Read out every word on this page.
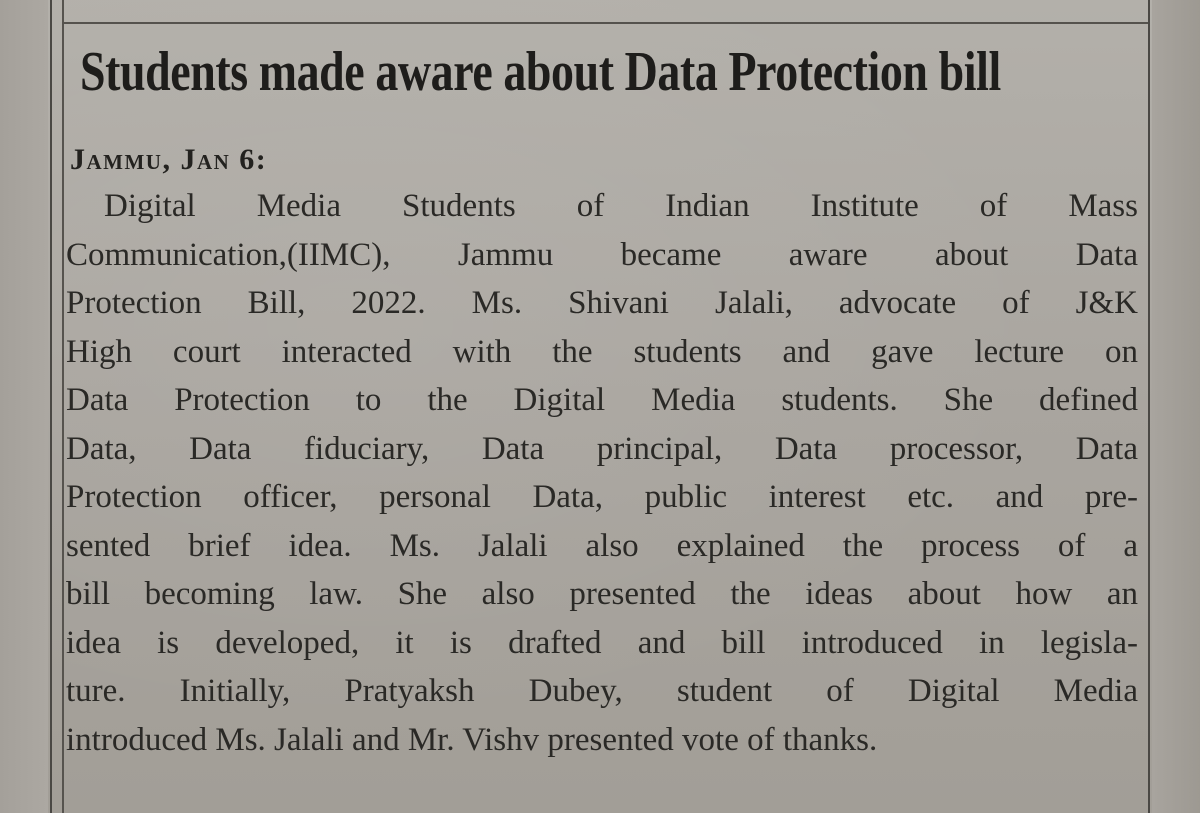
Students made aware about Data Protection bill
Jammu, Jan 6:
Digital Media Students of Indian Institute of Mass
Communication,(IIMC), Jammu became aware about Data
Protection Bill, 2022. Ms. Shivani Jalali, advocate of J&K
High court interacted with the students and gave lecture on
Data Protection to the Digital Media students. She defined
Data, Data fiduciary, Data principal, Data processor, Data
Protection officer, personal Data, public interest etc. and pre-
sented brief idea. Ms. Jalali also explained the process of a
bill becoming law. She also presented the ideas about how an
idea is developed, it is drafted and bill introduced in legisla-
ture. Initially, Pratyaksh Dubey, student of Digital Media
introduced Ms. Jalali and Mr. Vishv presented vote of thanks.
